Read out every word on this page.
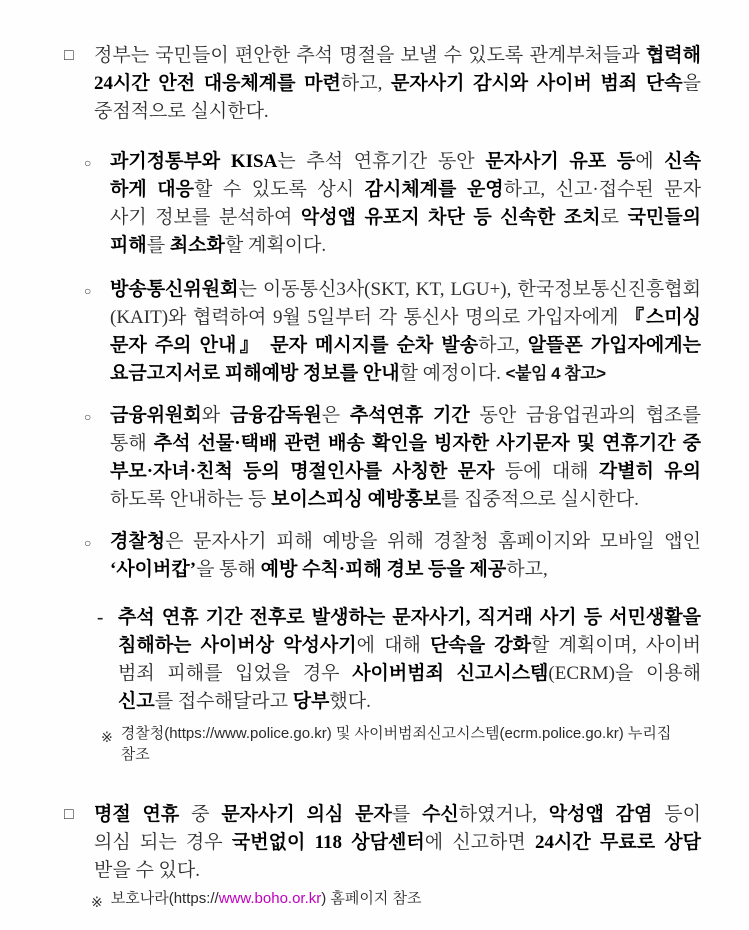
□	정부는 국민들이 편안한 추석 명절을 보낼 수 있도록 관계부처들과 협력해
24시간 안전 대응체계를 마련하고, 문자사기 감시와 사이버 범죄 단속을
중점적으로 실시한다.
○ 과기정통부와 KISA는 추석 연휴기간 동안 문자사기 유포 등에 신속
하게 대응할 수 있도록 상시 감시체계를 운영하고, 신고·접수된 문자
사기 정보를 분석하여 악성앱 유포지 차단 등 신속한 조치로 국민들의
피해를 최소화할 계획이다.
○ 방송통신위원회는 이동통신3사(SKT, KT, LGU+), 한국정보통신진흥협회
(KAIT)와 협력하여 9월 5일부터 각 통신사 명의로 가입자에게 『스미싱
문자 주의 안내』 문자 메시지를 순차 발송하고, 알뜰폰 가입자에게는
요금고지서로 피해예방 정보를 안내할 예정이다. <붙임 4 참고>
○ 금융위원회와 금융감독원은 추석연휴 기간 동안 금융업권과의 협조를
통해 추석 선물·택배 관련 배송 확인을 빙자한 사기문자 및 연휴기간 중
부모·자녀·친척 등의 명절인사를 사칭한 문자 등에 대해 각별히 유의
하도록 안내하는 등 보이스피싱 예방홍보를 집중적으로 실시한다.
○ 경찰청은 문자사기 피해 예방을 위해 경찰청 홈페이지와 모바일 앱인
‘사이버캅’을 통해 예방 수칙·피해 경보 등을 제공하고,
- 추석 연휴 기간 전후로 발생하는 문자사기, 직거래 사기 등 서민생활을
침해하는 사이버상 악성사기에 대해 단속을 강화할 계획이며, 사이버
범죄 피해를 입었을 경우 사이버범죄 신고시스템(ECRM)을 이용해
신고를 접수해달라고 당부했다.
※ 경찰청(https://www.police.go.kr) 및 사이버범죄신고시스템(ecrm.police.go.kr) 누리집 참조
□	명절 연휴 중 문자사기 의심 문자를 수신하였거나, 악성앱 감염 등이
의심 되는 경우 국번없이 118 상담센터에 신고하면 24시간 무료로 상담
받을 수 있다.
※ 보호나라(https://www.boho.or.kr) 홈페이지 참조
